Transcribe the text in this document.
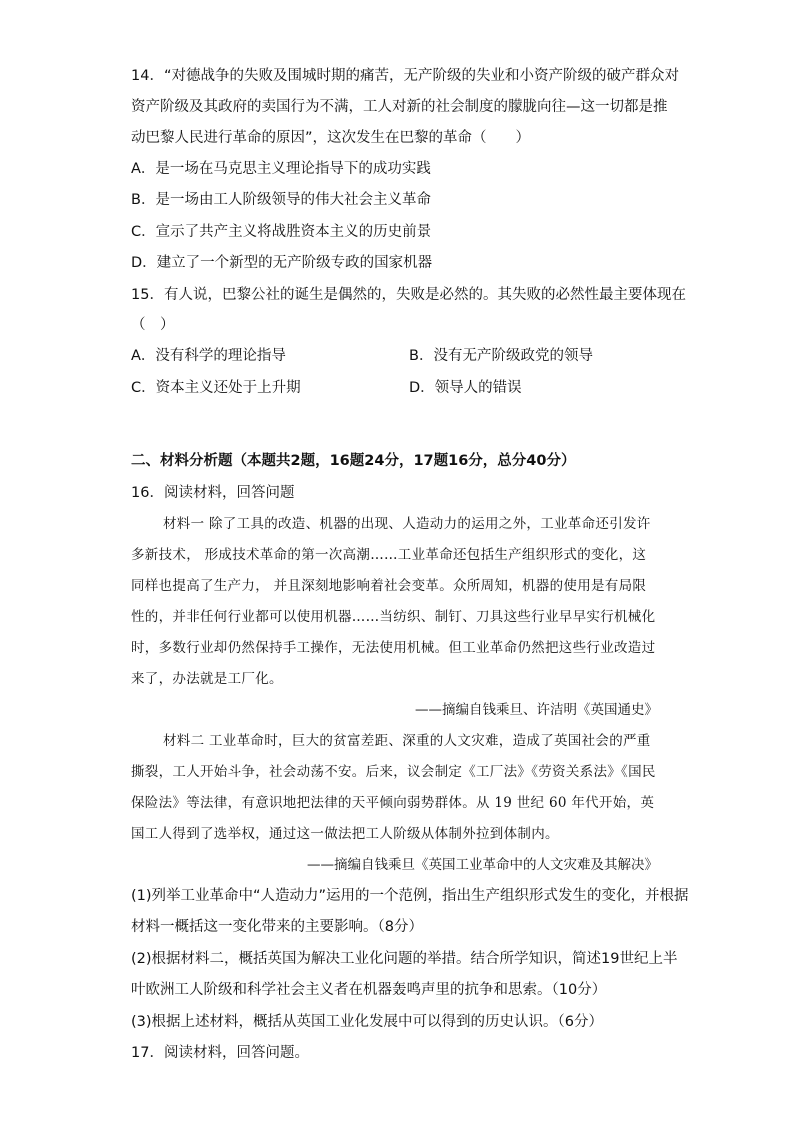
14．“对德战争的失败及围城时期的痛苦，无产阶级的失业和小资产阶级的破产群众对
资产阶级及其政府的卖国行为不满，工人对新的社会制度的朦胧向往—这一切都是推
动巴黎人民进行革命的原因”，这次发生在巴黎的革命（　　）
A．是一场在马克思主义理论指导下的成功实践
B．是一场由工人阶级领导的伟大社会主义革命
C．宣示了共产主义将战胜资本主义的历史前景
D．建立了一个新型的无产阶级专政的国家机器
15．有人说，巴黎公社的诞生是偶然的，失败是必然的。其失败的必然性最主要体现在
（　）
A．没有科学的理论指导	B．没有无产阶级政党的领导
C．资本主义还处于上升期	D．领导人的错误
二、材料分析题（本题共2题，16题24分，17题16分，总分40分）
16．阅读材料，回答问题
材料一 除了工具的改造、机器的出现、人造动力的运用之外，工业革命还引发许
多新技术， 形成技术革命的第一次高潮……工业革命还包括生产组织形式的变化，这
同样也提高了生产力， 并且深刻地影响着社会变革。众所周知，机器的使用是有局限
性的，并非任何行业都可以使用机器……当纺织、制钉、刀具这些行业早早实行机械化
时，多数行业却仍然保持手工操作，无法使用机械。但工业革命仍然把这些行业改造过
来了，办法就是工厂化。
——摘编自钱乘旦、许洁明《英国通史》
材料二 工业革命时，巨大的贫富差距、深重的人文灾难，造成了英国社会的严重
撕裂，工人开始斗争，社会动荡不安。后来，议会制定《工厂法》《劳资关系法》《国民
保险法》等法律，有意识地把法律的天平倾向弱势群体。从 19 世纪 60 年代开始，英
国工人得到了选举权，通过这一做法把工人阶级从体制外拉到体制内。
——摘编自钱乘旦《英国工业革命中的人文灾难及其解决》
(1)列举工业革命中“人造动力”运用的一个范例，指出生产组织形式发生的变化，并根据
材料一概括这一变化带来的主要影响。（8分）
(2)根据材料二，概括英国为解决工业化问题的举措。结合所学知识，简述19世纪上半
叶欧洲工人阶级和科学社会主义者在机器轰鸣声里的抗争和思索。（10分）
(3)根据上述材料，概括从英国工业化发展中可以得到的历史认识。（6分）
17．阅读材料，回答问题。
